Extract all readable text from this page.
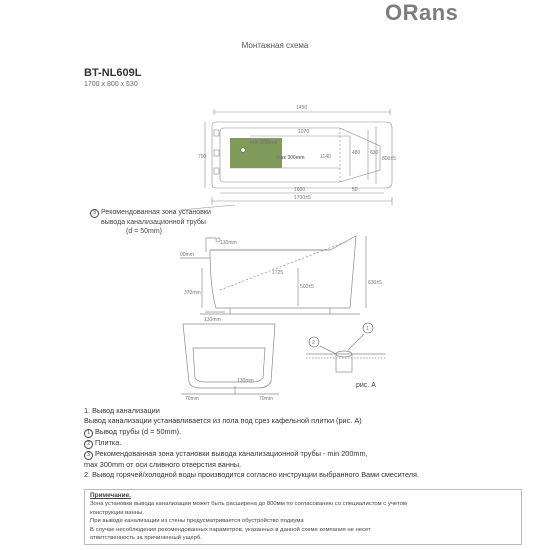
ORans
Монтажная схема
BT-NL609L
1700 x 800 x 630
min 200mm
max 300mm
1450
1070
1140
480 630
800±5
700
1600	50
1700±5
3 Рекомендованная зона установки
вывода канализационной трубы
(d = 50mm)
130mm
90mm
1725
500±5
630±5
370mm
130mm
130mm
70mm	70mm
2
1
рис. А
1. Вывод канализации
Вывод канализации устанавливается из пола под срез кафельной плитки (рис. А)
1 Вывод трубы (d = 50mm).
2 Плитка.
3 Рекомендованная зона установки вывода канализационной трубы - min 200mm,
max 300mm от оси сливного отверстия ванны.
2. Вывод горячей/холодной воды производится согласно инструкции выбранного Вами смесителя.
Примечание.
Зона установки вывода канализации может быть расширена до 800мм по согласованию со специалистом с учетом
конструкции ванны.
При выводе канализации из стены предусматривается обустройство подиума
В случае несоблюдения рекомендованных параметров, указанных в данной схеме компания не несет
ответственность за причиненный ущерб.
